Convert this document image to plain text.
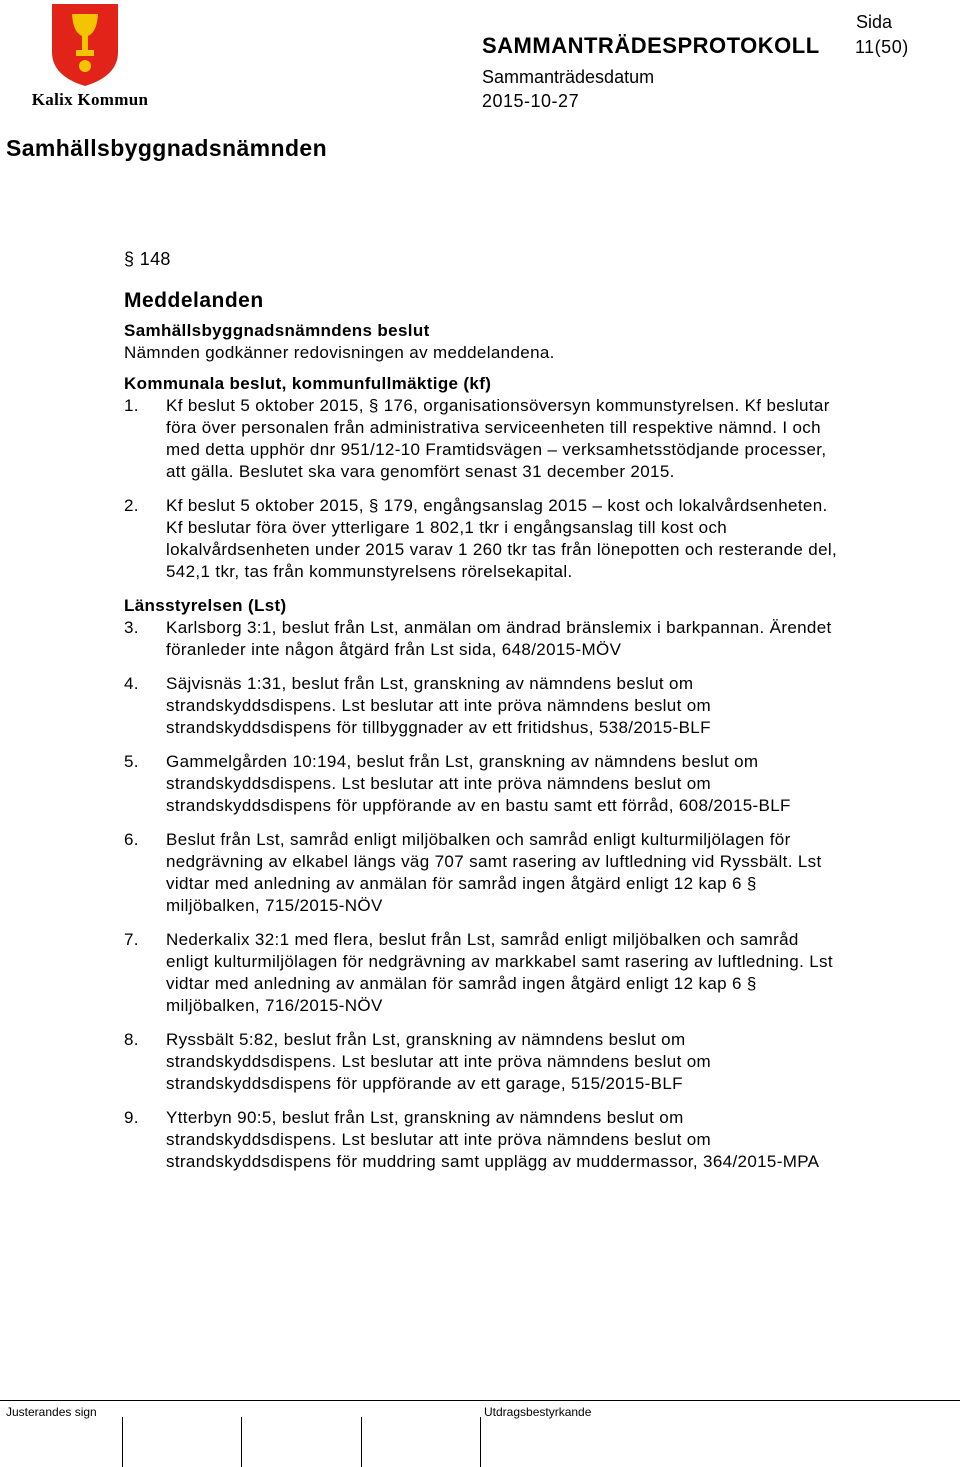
Kalix Kommun
SAMMANTRÄDESPROTOKOLL
Sida
11(50)
Sammanträdesdatum
2015-10-27
Samhällsbyggnadsnämnden
§ 148
Meddelanden
Samhällsbyggnadsnämndens beslut
Nämnden godkänner redovisningen av meddelandena.
Kommunala beslut, kommunfullmäktige (kf)
1.	Kf beslut 5 oktober 2015, § 176, organisationsöversyn kommunstyrelsen. Kf beslutar föra över personalen från administrativa serviceenheten till respektive nämnd. I och med detta upphör dnr 951/12-10 Framtidsvägen – verksamhetsstödjande processer, att gälla. Beslutet ska vara genomfört senast 31 december 2015.
2.	Kf beslut 5 oktober 2015, § 179, engångsanslag 2015 – kost och lokalvårdsenheten. Kf beslutar föra över ytterligare 1 802,1 tkr i engångsanslag till kost och lokalvårdsenheten under 2015 varav 1 260 tkr tas från lönepotten och resterande del, 542,1 tkr, tas från kommunstyrelsens rörelsekapital.
Länsstyrelsen (Lst)
3.	Karlsborg 3:1, beslut från Lst, anmälan om ändrad bränslemix i barkpannan. Ärendet föranleder inte någon åtgärd från Lst sida, 648/2015-MÖV
4.	Säjvisnäs 1:31, beslut från Lst, granskning av nämndens beslut om strandskyddsdispens. Lst beslutar att inte pröva nämndens beslut om strandskyddsdispens för tillbyggnader av ett fritidshus, 538/2015-BLF
5.	Gammelgården 10:194, beslut från Lst, granskning av nämndens beslut om strandskyddsdispens. Lst beslutar att inte pröva nämndens beslut om strandskyddsdispens för uppförande av en bastu samt ett förråd, 608/2015-BLF
6.	Beslut från Lst, samråd enligt miljöbalken och samråd enligt kulturmiljölagen för nedgrävning av elkabel längs väg 707 samt rasering av luftledning vid Ryssbält. Lst vidtar med anledning av anmälan för samråd ingen åtgärd enligt 12 kap 6 § miljöbalken, 715/2015-NÖV
7.	Nederkalix 32:1 med flera, beslut från Lst, samråd enligt miljöbalken och samråd enligt kulturmiljölagen för nedgrävning av markkabel samt rasering av luftledning. Lst vidtar med anledning av anmälan för samråd ingen åtgärd enligt 12 kap 6 § miljöbalken, 716/2015-NÖV
8.	Ryssbält 5:82, beslut från Lst, granskning av nämndens beslut om strandskyddsdispens. Lst beslutar att inte pröva nämndens beslut om strandskyddsdispens för uppförande av ett garage, 515/2015-BLF
9.	Ytterbyn 90:5, beslut från Lst, granskning av nämndens beslut om strandskyddsdispens. Lst beslutar att inte pröva nämndens beslut om strandskyddsdispens för muddring samt upplägg av muddermassor, 364/2015-MPA
Justerandes sign	Utdragsbestyrkande
